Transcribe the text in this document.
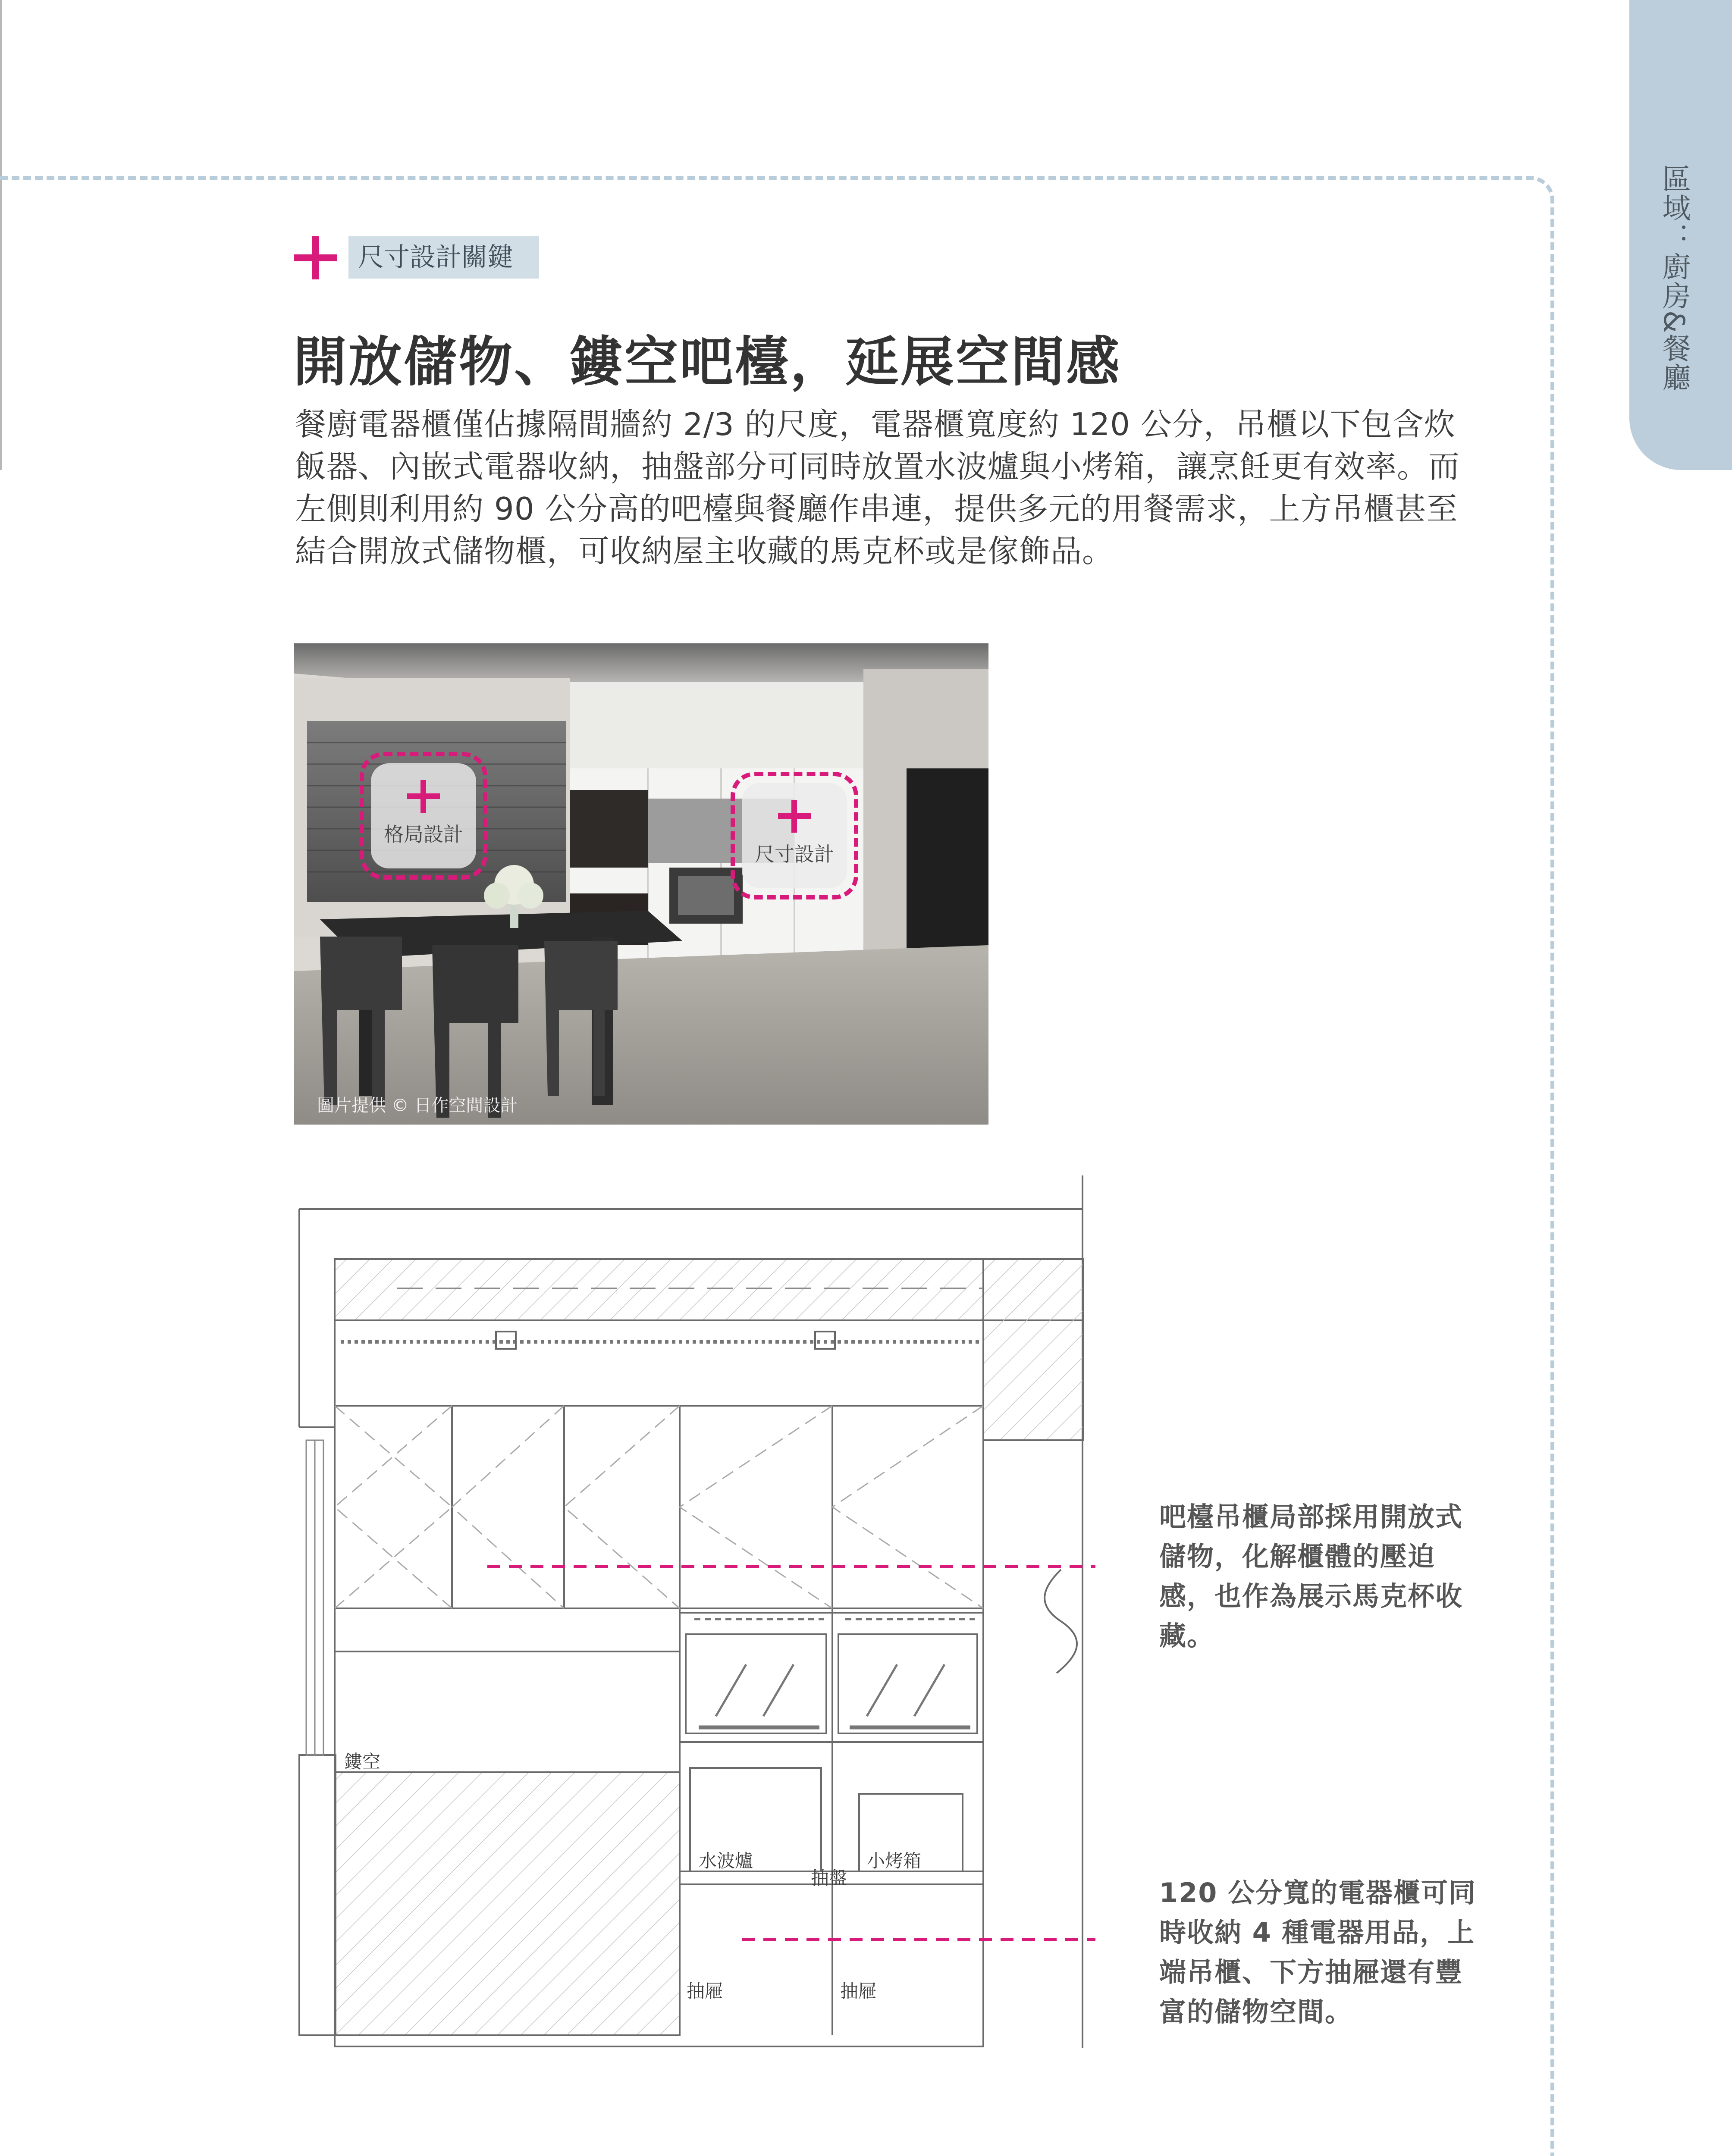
區域：廚房&餐廳
尺寸設計關鍵
開放儲物、鏤空吧檯，延展空間感
餐廚電器櫃僅佔據隔間牆約 2/3 的尺度，電器櫃寬度約 120 公分，吊櫃以下包含炊飯器、內嵌式電器收納，抽盤部分可同時放置水波爐與小烤箱，讓烹飪更有效率。而左側則利用約 90 公分高的吧檯與餐廳作串連，提供多元的用餐需求，上方吊櫃甚至結合開放式儲物櫃，可收納屋主收藏的馬克杯或是傢飾品。
格局設計
尺寸設計
圖片提供 © 日作空間設計
鏤空
水波爐	小烤箱
抽盤
抽屜	抽屜
吧檯吊櫃局部採用開放式儲物，化解櫃體的壓迫感，也作為展示馬克杯收藏。
120 公分寬的電器櫃可同時收納 4 種電器用品，上端吊櫃、下方抽屜還有豐富的儲物空間。
